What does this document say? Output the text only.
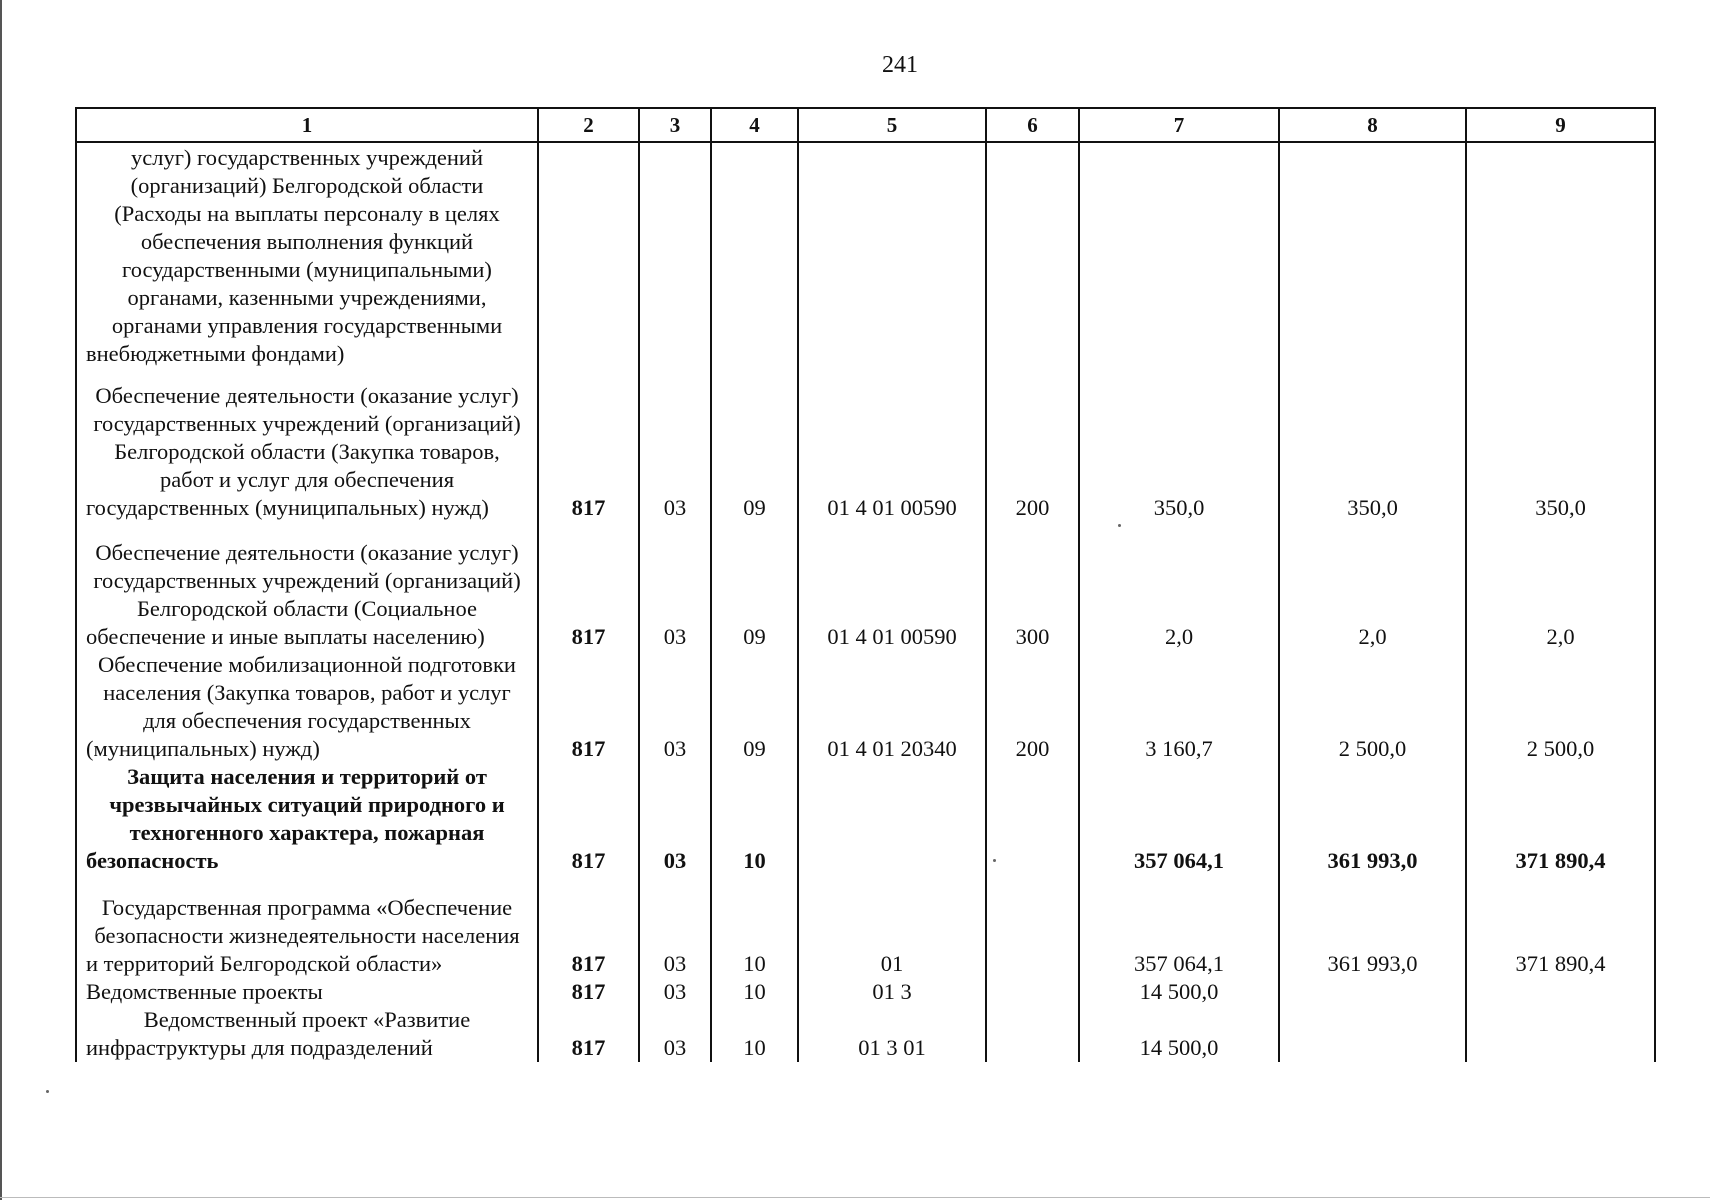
241
1	2	3	4	5	6	7	8	9
услуг) государственных учреждений (организаций) Белгородской области (Расходы на выплаты персоналу в целях обеспечения выполнения функций государственными (муниципальными) органами, казенными учреждениями, органами управления государственными внебюджетными фондами)								
Обеспечение деятельности (оказание услуг) государственных учреждений (организаций) Белгородской области (Закупка товаров, работ и услуг для обеспечения государственных (муниципальных) нужд)	817	03	09	01 4 01 00590	200	350,0	350,0	350,0
Обеспечение деятельности (оказание услуг) государственных учреждений (организаций) Белгородской области (Социальное обеспечение и иные выплаты населению)	817	03	09	01 4 01 00590	300	2,0	2,0	2,0
Обеспечение мобилизационной подготовки населения (Закупка товаров, работ и услуг для обеспечения государственных (муниципальных) нужд)	817	03	09	01 4 01 20340	200	3 160,7	2 500,0	2 500,0
Защита населения и территорий от чрезвычайных ситуаций природного и техногенного характера, пожарная безопасность	817	03	10			357 064,1	361 993,0	371 890,4
Государственная программа «Обеспечение безопасности жизнедеятельности населения и территорий Белгородской области»	817	03	10	01		357 064,1	361 993,0	371 890,4
Ведомственные проекты	817	03	10	01 3		14 500,0		
Ведомственный проект «Развитие инфраструктуры для подразделений	817	03	10	01 3 01		14 500,0		
